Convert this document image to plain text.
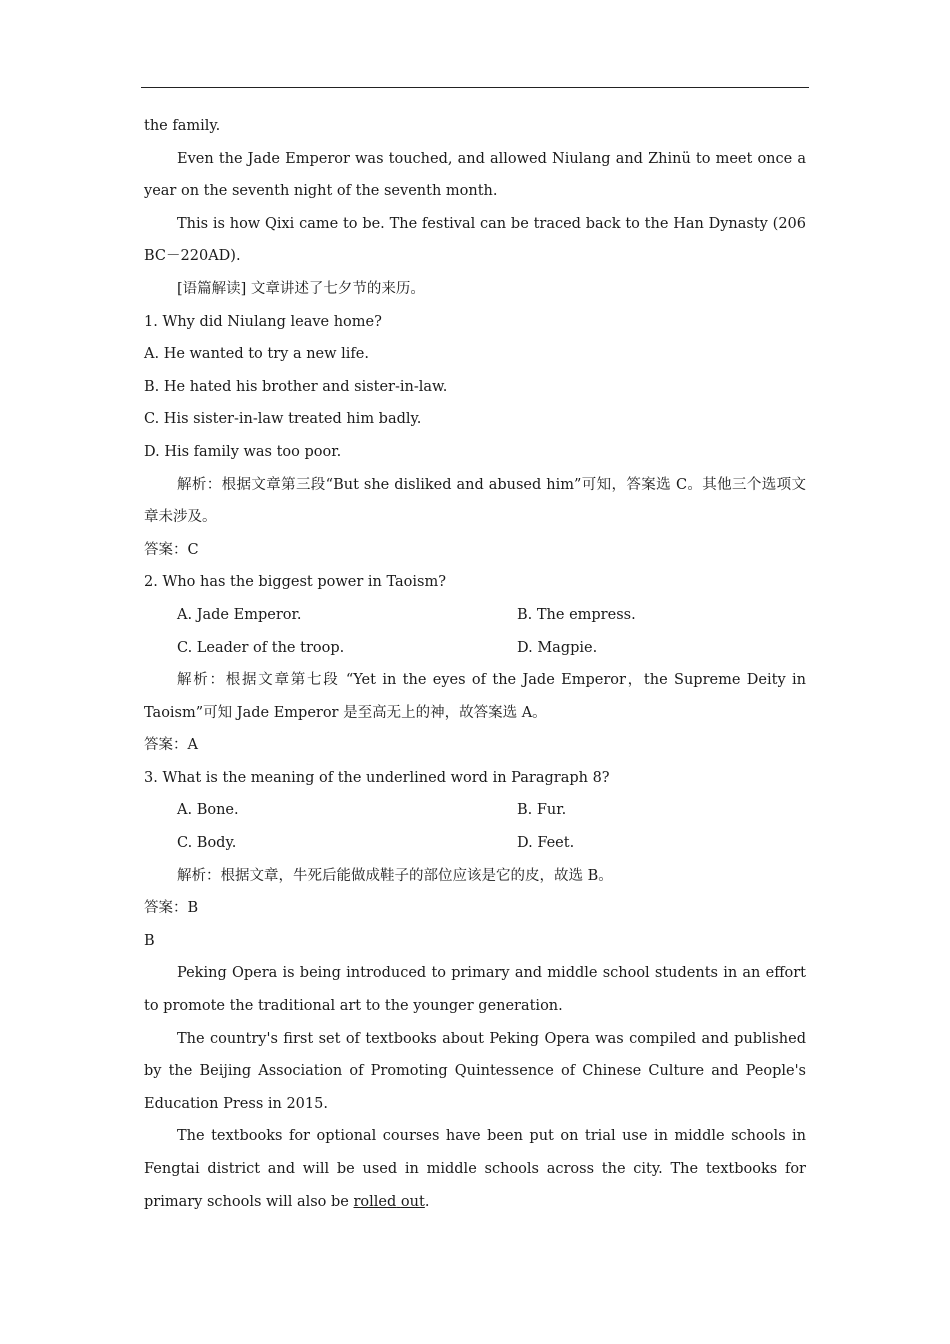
the family.

Even the Jade Emperor was touched, and allowed Niulang and Zhinü to meet once a year on the seventh night of the seventh month.

This is how Qixi came to be. The festival can be traced back to the Han Dynasty (206 BC－220AD).

[语篇解读] 文章讲述了七夕节的来历。

1. Why did Niulang leave home?

A. He wanted to try a new life.

B. He hated his brother and sister-in-law.

C. His sister-in-law treated him badly.

D. His family was too poor.

解析：根据文章第三段“But she disliked and abused him”可知，答案选 C。其他三个选项文章未涉及。

答案：C

2. Who has the biggest power in Taoism?

A. Jade Emperor.	B. The empress.
C. Leader of the troop.	D. Magpie.

解析：根据文章第七段 “Yet in the eyes of the Jade Emperor，the Supreme Deity in Taoism”可知 Jade Emperor 是至高无上的神，故答案选 A。

答案：A

3. What is the meaning of the underlined word in Paragraph 8?

A. Bone.	B. Fur.
C. Body.	D. Feet.

解析：根据文章，牛死后能做成鞋子的部位应该是它的皮，故选 B。

答案：B

B

Peking Opera is being introduced to primary and middle school students in an effort to promote the traditional art to the younger generation.

The country's first set of textbooks about Peking Opera was compiled and published by the Beijing Association of Promoting Quintessence of Chinese Culture and People's Education Press in 2015.

The textbooks for optional courses have been put on trial use in middle schools in Fengtai district and will be used in middle schools across the city. The textbooks for primary schools will also be rolled out.
